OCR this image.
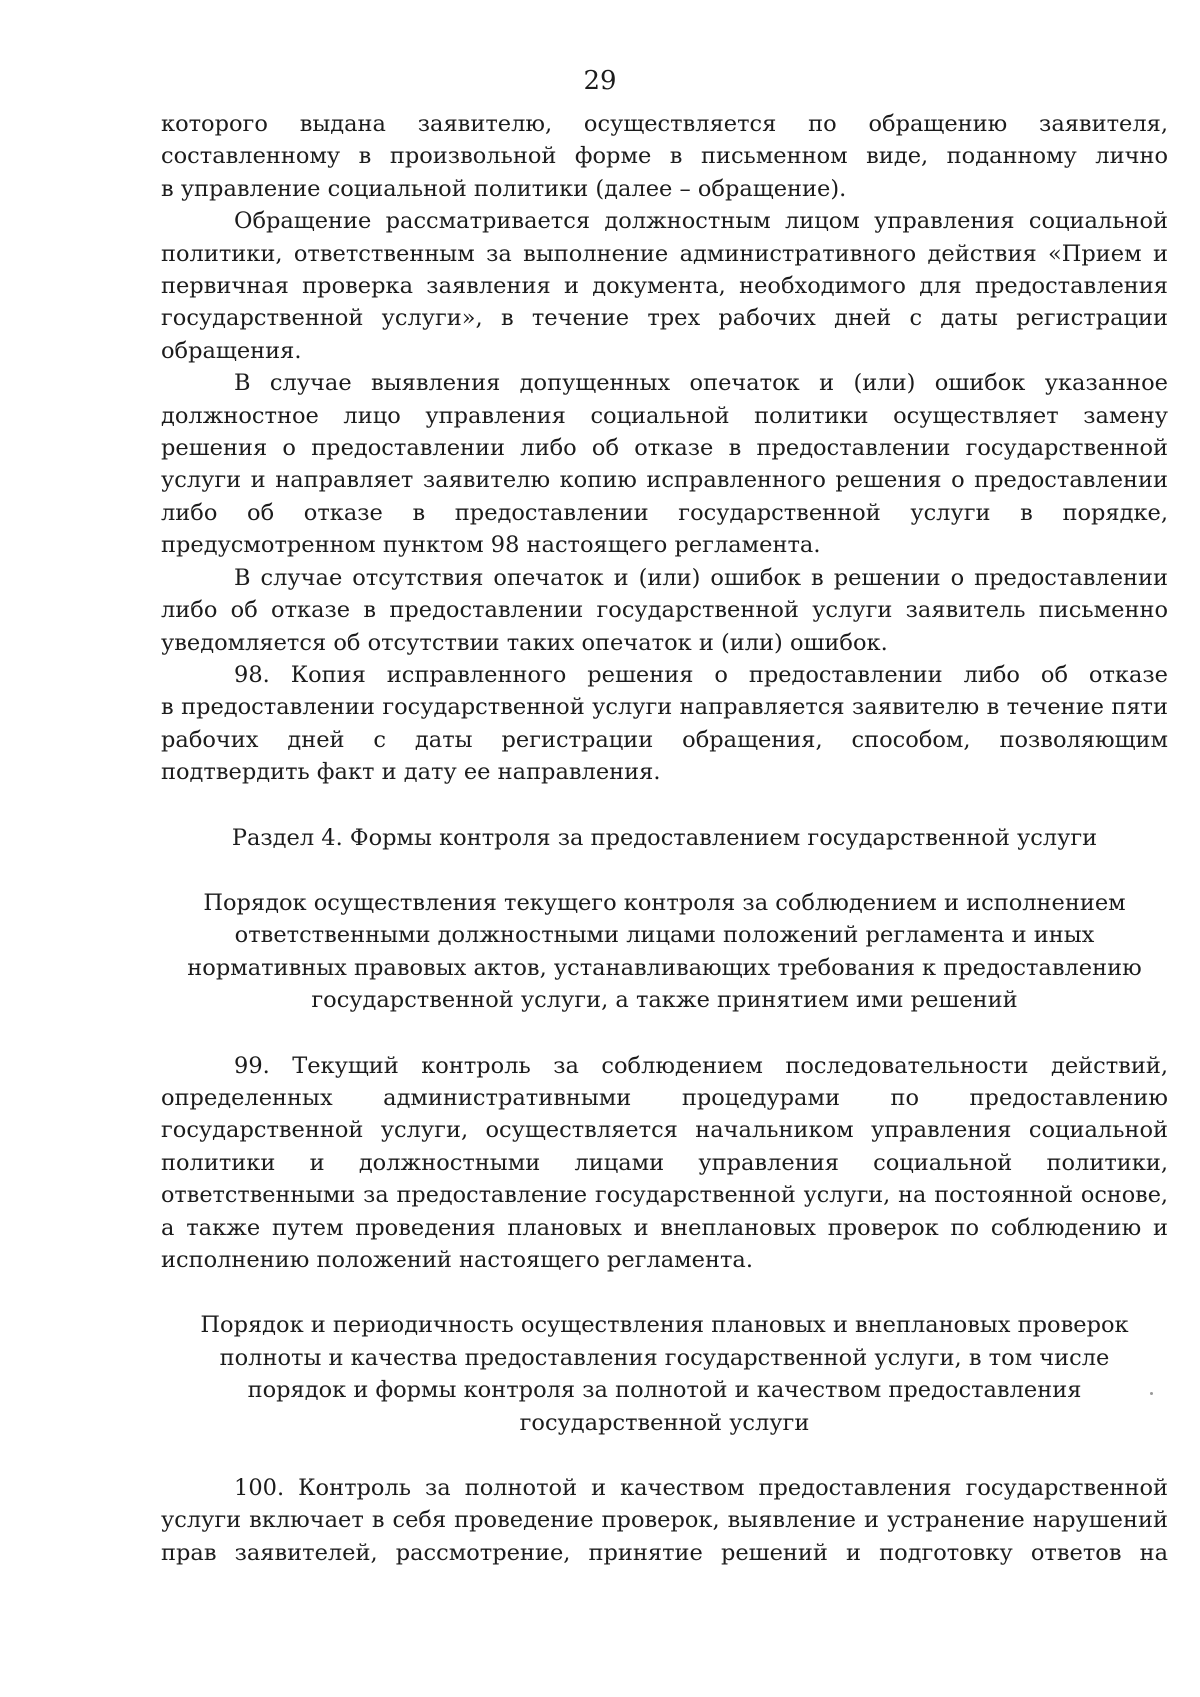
29

которого выдана заявителю, осуществляется по обращению заявителя,
составленному в произвольной форме в письменном виде, поданному лично
в управление социальной политики (далее – обращение).

Обращение рассматривается должностным лицом управления социальной
политики, ответственным за выполнение административного действия «Прием и
первичная проверка заявления и документа, необходимого для предоставления
государственной услуги», в течение трех рабочих дней с даты регистрации
обращения.

В случае выявления допущенных опечаток и (или) ошибок указанное
должностное лицо управления социальной политики осуществляет замену
решения о предоставлении либо об отказе в предоставлении государственной
услуги и направляет заявителю копию исправленного решения о предоставлении
либо об отказе в предоставлении государственной услуги в порядке,
предусмотренном пунктом 98 настоящего регламента.

В случае отсутствия опечаток и (или) ошибок в решении о предоставлении
либо об отказе в предоставлении государственной услуги заявитель письменно
уведомляется об отсутствии таких опечаток и (или) ошибок.

98. Копия исправленного решения о предоставлении либо об отказе
в предоставлении государственной услуги направляется заявителю в течение пяти
рабочих дней с даты регистрации обращения, способом, позволяющим
подтвердить факт и дату ее направления.

Раздел 4. Формы контроля за предоставлением государственной услуги

Порядок осуществления текущего контроля за соблюдением и исполнением
ответственными должностными лицами положений регламента и иных
нормативных правовых актов, устанавливающих требования к предоставлению
государственной услуги, а также принятием ими решений

99. Текущий контроль за соблюдением последовательности действий,
определенных административными процедурами по предоставлению
государственной услуги, осуществляется начальником управления социальной
политики и должностными лицами управления социальной политики,
ответственными за предоставление государственной услуги, на постоянной основе,
а также путем проведения плановых и внеплановых проверок по соблюдению и
исполнению положений настоящего регламента.

Порядок и периодичность осуществления плановых и внеплановых проверок
полноты и качества предоставления государственной услуги, в том числе
порядок и формы контроля за полнотой и качеством предоставления
государственной услуги

100. Контроль за полнотой и качеством предоставления государственной
услуги включает в себя проведение проверок, выявление и устранение нарушений
прав заявителей, рассмотрение, принятие решений и подготовку ответов на
